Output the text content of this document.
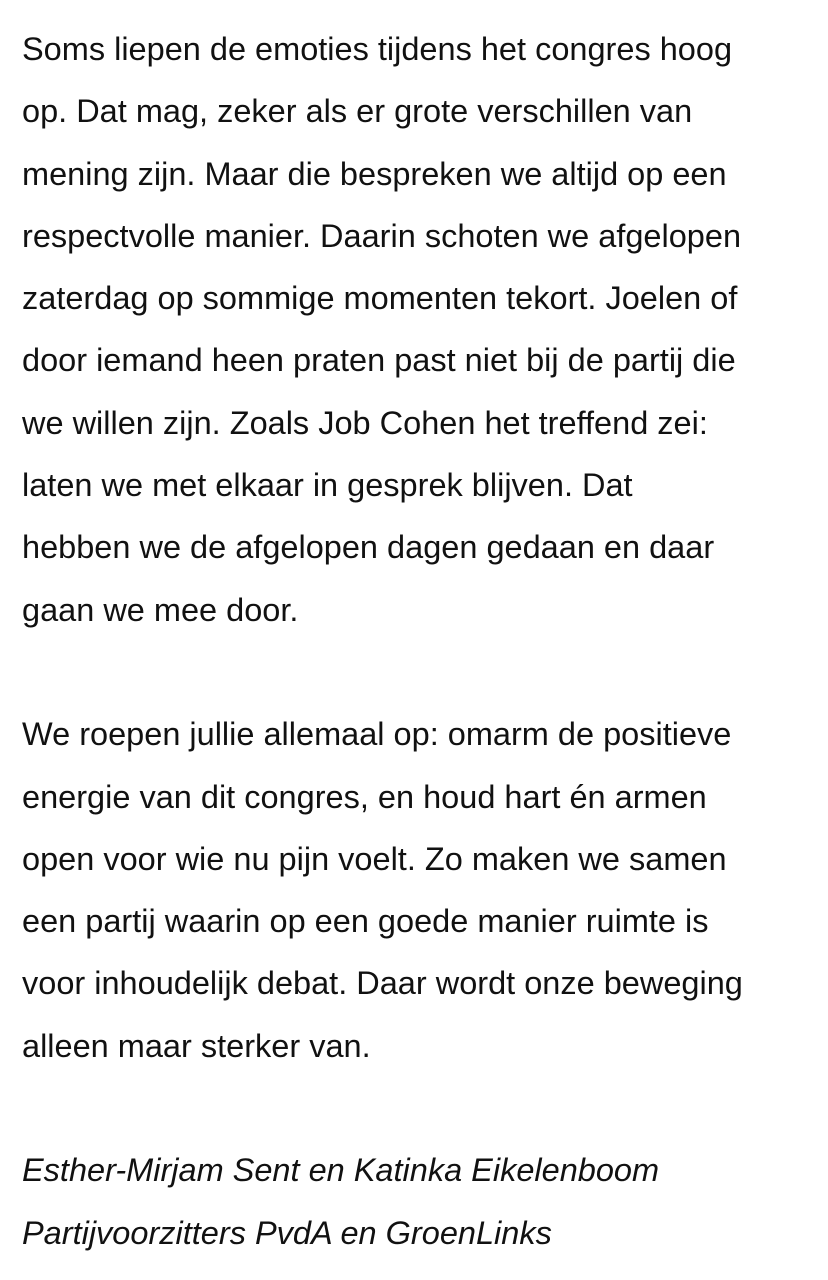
Soms liepen de emoties tijdens het congres hoog
op. Dat mag, zeker als er grote verschillen van
mening zijn. Maar die bespreken we altijd op een
respectvolle manier. Daarin schoten we afgelopen
zaterdag op sommige momenten tekort. Joelen of
door iemand heen praten past niet bij de partij die
we willen zijn. Zoals Job Cohen het treffend zei:
laten we met elkaar in gesprek blijven. Dat
hebben we de afgelopen dagen gedaan en daar
gaan we mee door.
We roepen jullie allemaal op: omarm de positieve
energie van dit congres, en houd hart én armen
open voor wie nu pijn voelt. Zo maken we samen
een partij waarin op een goede manier ruimte is
voor inhoudelijk debat. Daar wordt onze beweging
alleen maar sterker van.
Esther-Mirjam Sent en Katinka Eikelenboom
Partijvoorzitters PvdA en GroenLinks
